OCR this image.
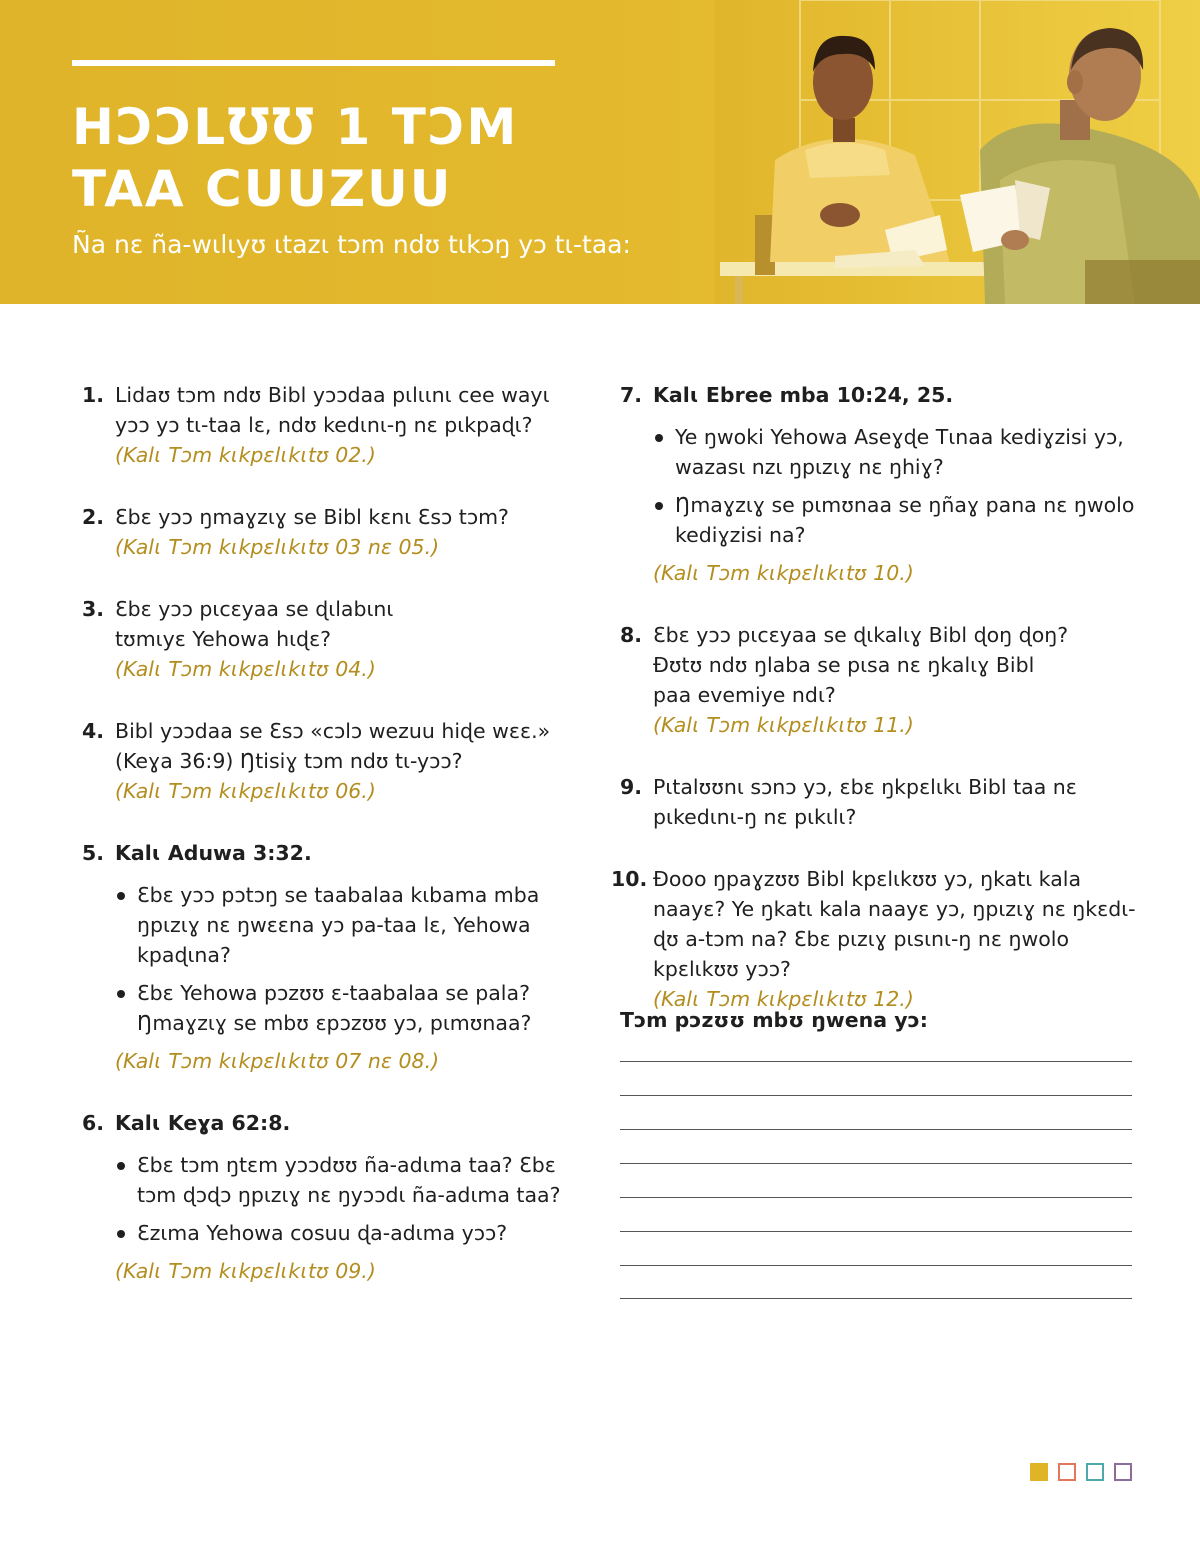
HƆƆLƱƱ 1 TƆM TAA CUUZUU
Ña nɛ ña-wɩlɩyʊ ɩtazɩ tɔm ndʊ tɩkɔŋ yɔ tɩ-taa:
1. Lidaʊ tɔm ndʊ Bibl yɔɔdaa pɩlɩɩnɩ cee wayɩ yɔɔ yɔ tɩ-taa lɛ, ndʊ kedɩnɩ-ŋ nɛ pɩkpaɖɩ?
(Kalɩ Tɔm kɩkpɛlɩkɩtʊ 02.)
2. Ɛbɛ yɔɔ ŋmaɣzɩɣ se Bibl kɛnɩ Ɛsɔ tɔm?
(Kalɩ Tɔm kɩkpɛlɩkɩtʊ 03 nɛ 05.)
3. Ɛbɛ yɔɔ pɩcɛyaa se ɖɩlabɩnɩ tʊmɩyɛ Yehowa hɩɖɛ?
(Kalɩ Tɔm kɩkpɛlɩkɩtʊ 04.)
4. Bibl yɔɔdaa se Ɛsɔ «cɔlɔ wezuu hiɖe wɛɛ.» (Keɣa 36:9) Ŋtisiɣ tɔm ndʊ tɩ-yɔɔ?
(Kalɩ Tɔm kɩkpɛlɩkɩtʊ 06.)
5. Kalɩ Aduwa 3:32.
Ɛbɛ yɔɔ pɔtɔŋ se taabalaa kɩbama mba ŋpɩzɩɣ nɛ ŋwɛɛna yɔ pa-taa lɛ, Yehowa kpaɖɩna?
Ɛbɛ Yehowa pɔzʊʊ ɛ-taabalaa se pala? Ŋmaɣzɩɣ se mbʊ ɛpɔzʊʊ yɔ, pɩmʊnaa?
(Kalɩ Tɔm kɩkpɛlɩkɩtʊ 07 nɛ 08.)
6. Kalɩ Keɣa 62:8.
Ɛbɛ tɔm ŋtɛm yɔɔdʊʊ ña-adɩma taa? Ɛbɛ tɔm ɖɔɖɔ ŋpɩzɩɣ nɛ ŋyɔɔdɩ ña-adɩma taa?
Ɛzɩma Yehowa cosuu ɖa-adɩma yɔɔ?
(Kalɩ Tɔm kɩkpɛlɩkɩtʊ 09.)
7. Kalɩ Ebree mba 10:24, 25.
Ye ŋwoki Yehowa Aseɣɖe Tɩnaa kediɣzisi yɔ, wazasɩ nzɩ ŋpɩzɩɣ nɛ ŋhiɣ?
Ŋmaɣzɩɣ se pɩmʊnaa se ŋñaɣ pana nɛ ŋwolo kediɣzisi na?
(Kalɩ Tɔm kɩkpɛlɩkɩtʊ 10.)
8. Ɛbɛ yɔɔ pɩcɛyaa se ɖɩkalɩɣ Bibl ɖoŋ ɖoŋ? Ðʊtʊ ndʊ ŋlaba se pɩsa nɛ ŋkalɩɣ Bibl paa evemiye ndɩ?
(Kalɩ Tɔm kɩkpɛlɩkɩtʊ 11.)
9. Pɩtalʊʊnɩ sɔnɔ yɔ, ɛbɛ ŋkpɛlɩkɩ Bibl taa nɛ pɩkedɩnɩ-ŋ nɛ pɩkɩlɩ?
10. Ðooo ŋpaɣzʊʊ Bibl kpɛlɩkʊʊ yɔ, ŋkatɩ kala naayɛ? Ye ŋkatɩ kala naayɛ yɔ, ŋpɩzɩɣ nɛ ŋkɛdɩ-ɖʊ a-tɔm na? Ɛbɛ pɩzɩɣ pɩsɩnɩ-ŋ nɛ ŋwolo kpɛlɩkʊʊ yɔɔ?
(Kalɩ Tɔm kɩkpɛlɩkɩtʊ 12.)
Tɔm pɔzʊʊ mbʊ ŋwena yɔ:
